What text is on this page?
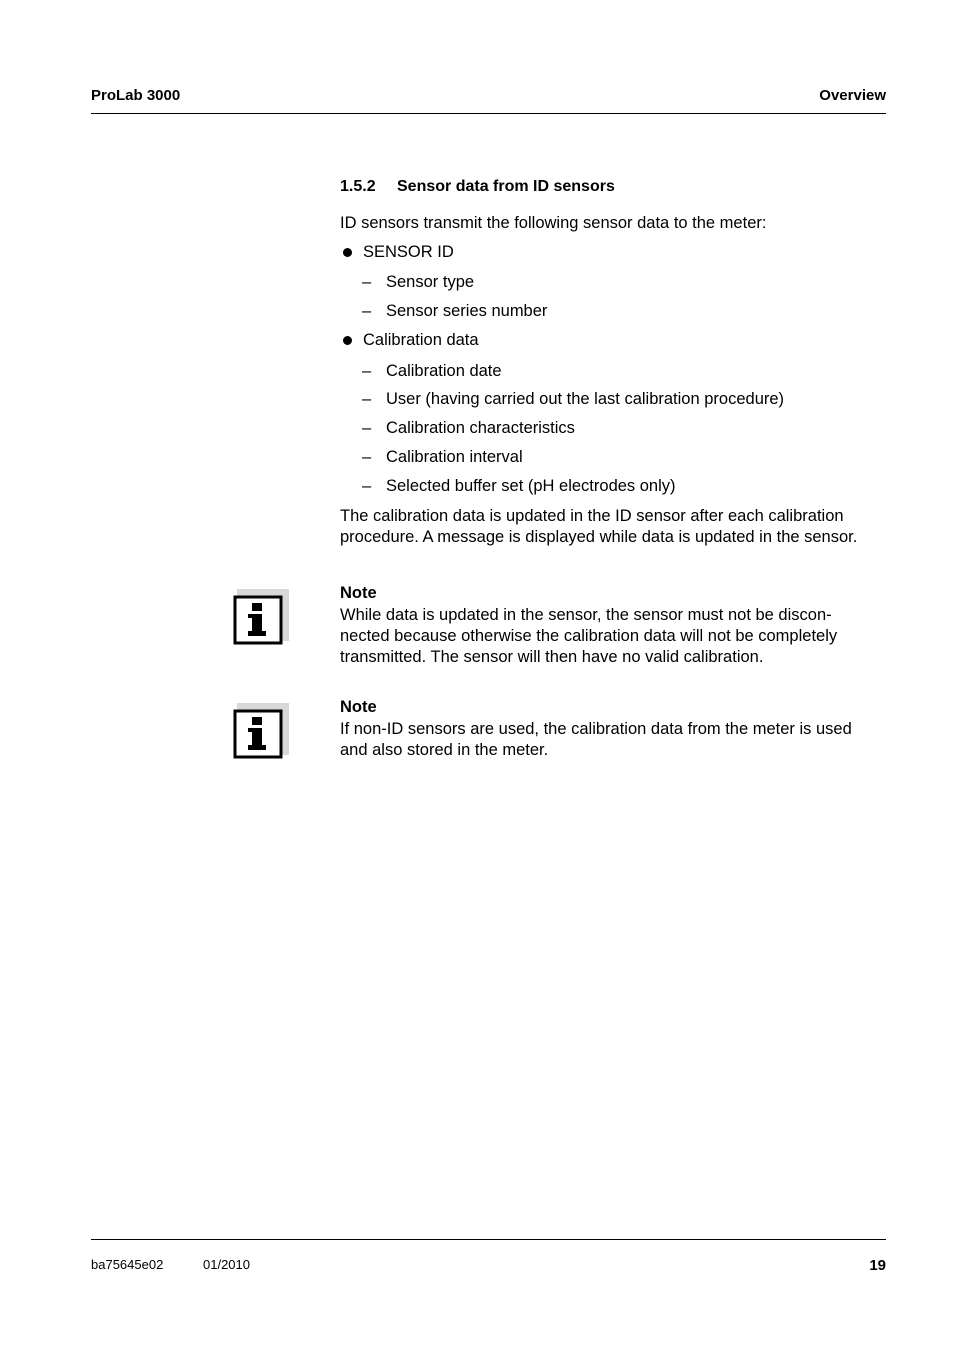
ProLab 3000	Overview
1.5.2 Sensor data from ID sensors
ID sensors transmit the following sensor data to the meter:
SENSOR ID
– Sensor type
– Sensor series number
Calibration data
– Calibration date
– User (having carried out the last calibration procedure)
– Calibration characteristics
– Calibration interval
– Selected buffer set (pH electrodes only)
The calibration data is updated in the ID sensor after each calibration
procedure. A message is displayed while data is updated in the sensor.
Note
While data is updated in the sensor, the sensor must not be discon-
nected because otherwise the calibration data will not be completely
transmitted. The sensor will then have no valid calibration.
Note
If non-ID sensors are used, the calibration data from the meter is used
and also stored in the meter.
ba75645e02	01/2010	19
